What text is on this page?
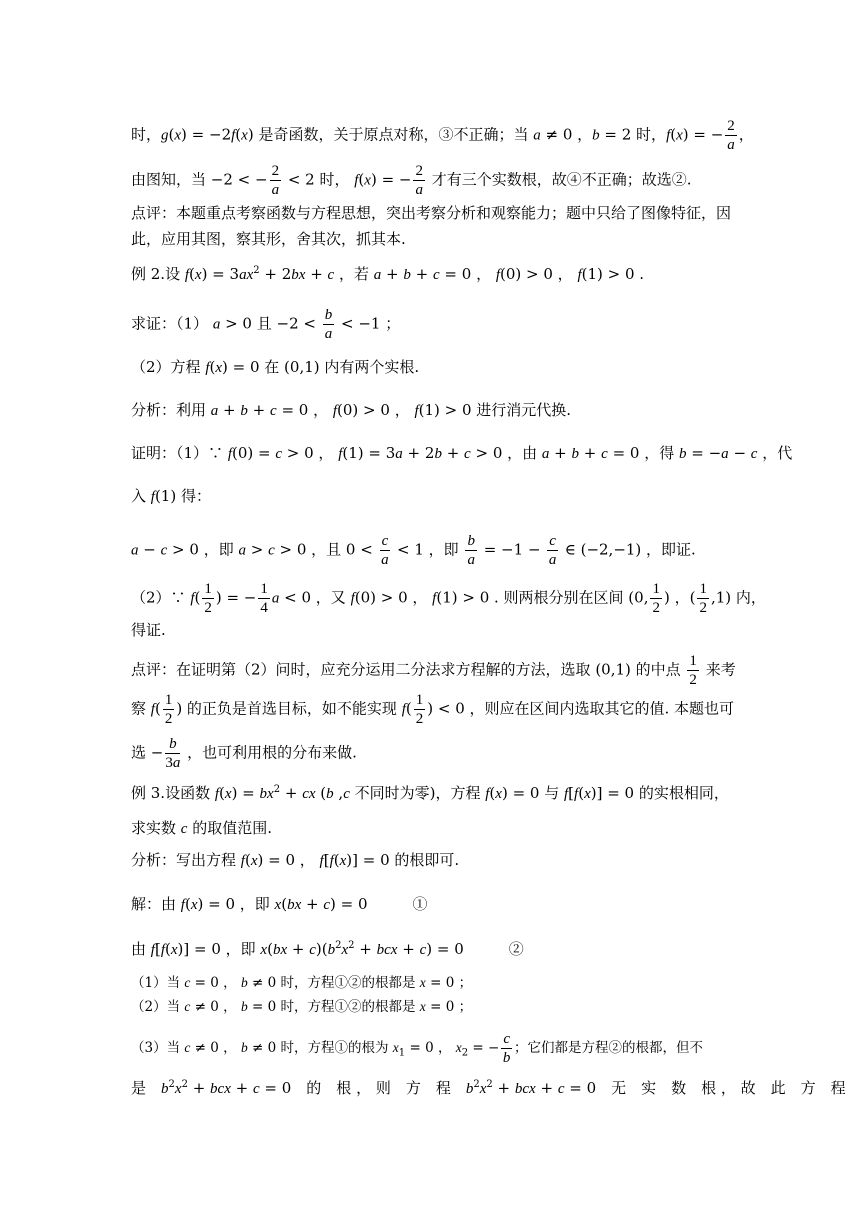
时，g(x) = −2f(x) 是奇函数，关于原点对称，③不正确；当 a ≠ 0 ，b = 2 时，f(x) = − $\frac{2}{a}$ ，
由图知，当 −2 < − $\frac{2}{a} < 2$ 时， f(x) = − $\frac{2}{a}$ 才有三个实数根，故④不正确；故选②.
点评：本题重点考察函数与方程思想，突出考察分析和观察能力；题中只给了图像特征，因
此，应用其图，察其形，舍其次，抓其本.
例 2.设 $f(x) = 3ax^2 + 2bx + c$ ，若 a + b + c = 0 ， f(0) > 0 ， f(1) > 0 .
求证：（1） a > 0 且 $-2 < \frac{b}{a} < -1$ ；
（2）方程 f(x) = 0 在 (0,1) 内有两个实根.
分析：利用 a + b + c = 0 ， f(0) > 0 ， f(1) > 0 进行消元代换.
证明：（1）∵ f(0) = c > 0 ， f(1) = 3a + 2b + c > 0 ，由 a + b + c = 0 ，得 b = −a − c ，代
入 f(1) 得：
a − c > 0 ，即 a > c > 0 ，且 $0 < \frac{c}{a} < 1$ ，即 $\frac{b}{a} = -1 - \frac{c}{a}$ ∈ (−2,−1) ，即证.
（2）∵ $f( \frac{1}{2}$ ) = − $\frac{1}{4}$ a < 0 ，又 f(0) > 0 ， f(1) > 0 . 则两根分别在区间 (0, $\frac{1}{2}$ ) ，( $\frac{1}{2} ,1$) 内，
得证.
点评：在证明第（2）问时，应充分运用二分法求方程解的方法，选取 (0,1) 的中点 $\frac{1}{2}$ 来考
察 $f( \frac{1}{2}$ ) 的正负是首选目标，如不能实现 $f( \frac{1}{2}$ ) < 0 ，则应在区间内选取其它的值. 本题也可
选 − $\frac{b}{3a}$ ，也可利用根的分布来做.
例 3.设函数 $f(x) = bx^2$ + cx (b ,c 不同时为零)，方程 f(x) = 0 与 f[f(x)] = 0 的实根相同，
求实数 c 的取值范围.
分析：写出方程 f(x) = 0 ， f[f(x)] = 0 的根即可.
解：由 f(x) = 0 ，即 x(bx + c) = 0　　　①
由 f[f(x)] = 0 ，即 $x(bx + c)(b^2x^2$ + bcx + c) = 0　　　②
（1）当 c = 0 ， b ≠ 0 时，方程①②的根都是 x = 0 ；
（2）当 c ≠ 0 ， b = 0 时，方程①②的根都是 x = 0 ；
（3）当 c ≠ 0 ， b ≠ 0 时，方程①的根为 $x_1 = 0$ ， $x_2$ = − $\frac{c}{b}$ ；它们都是方程②的根都，但不
是　$b^2x^2$ + bcx + c = 0　的　根 ， 则　方　程　$b^2x^2$ + bcx + c = 0　无　实　数　根 ， 故　此　方　程
